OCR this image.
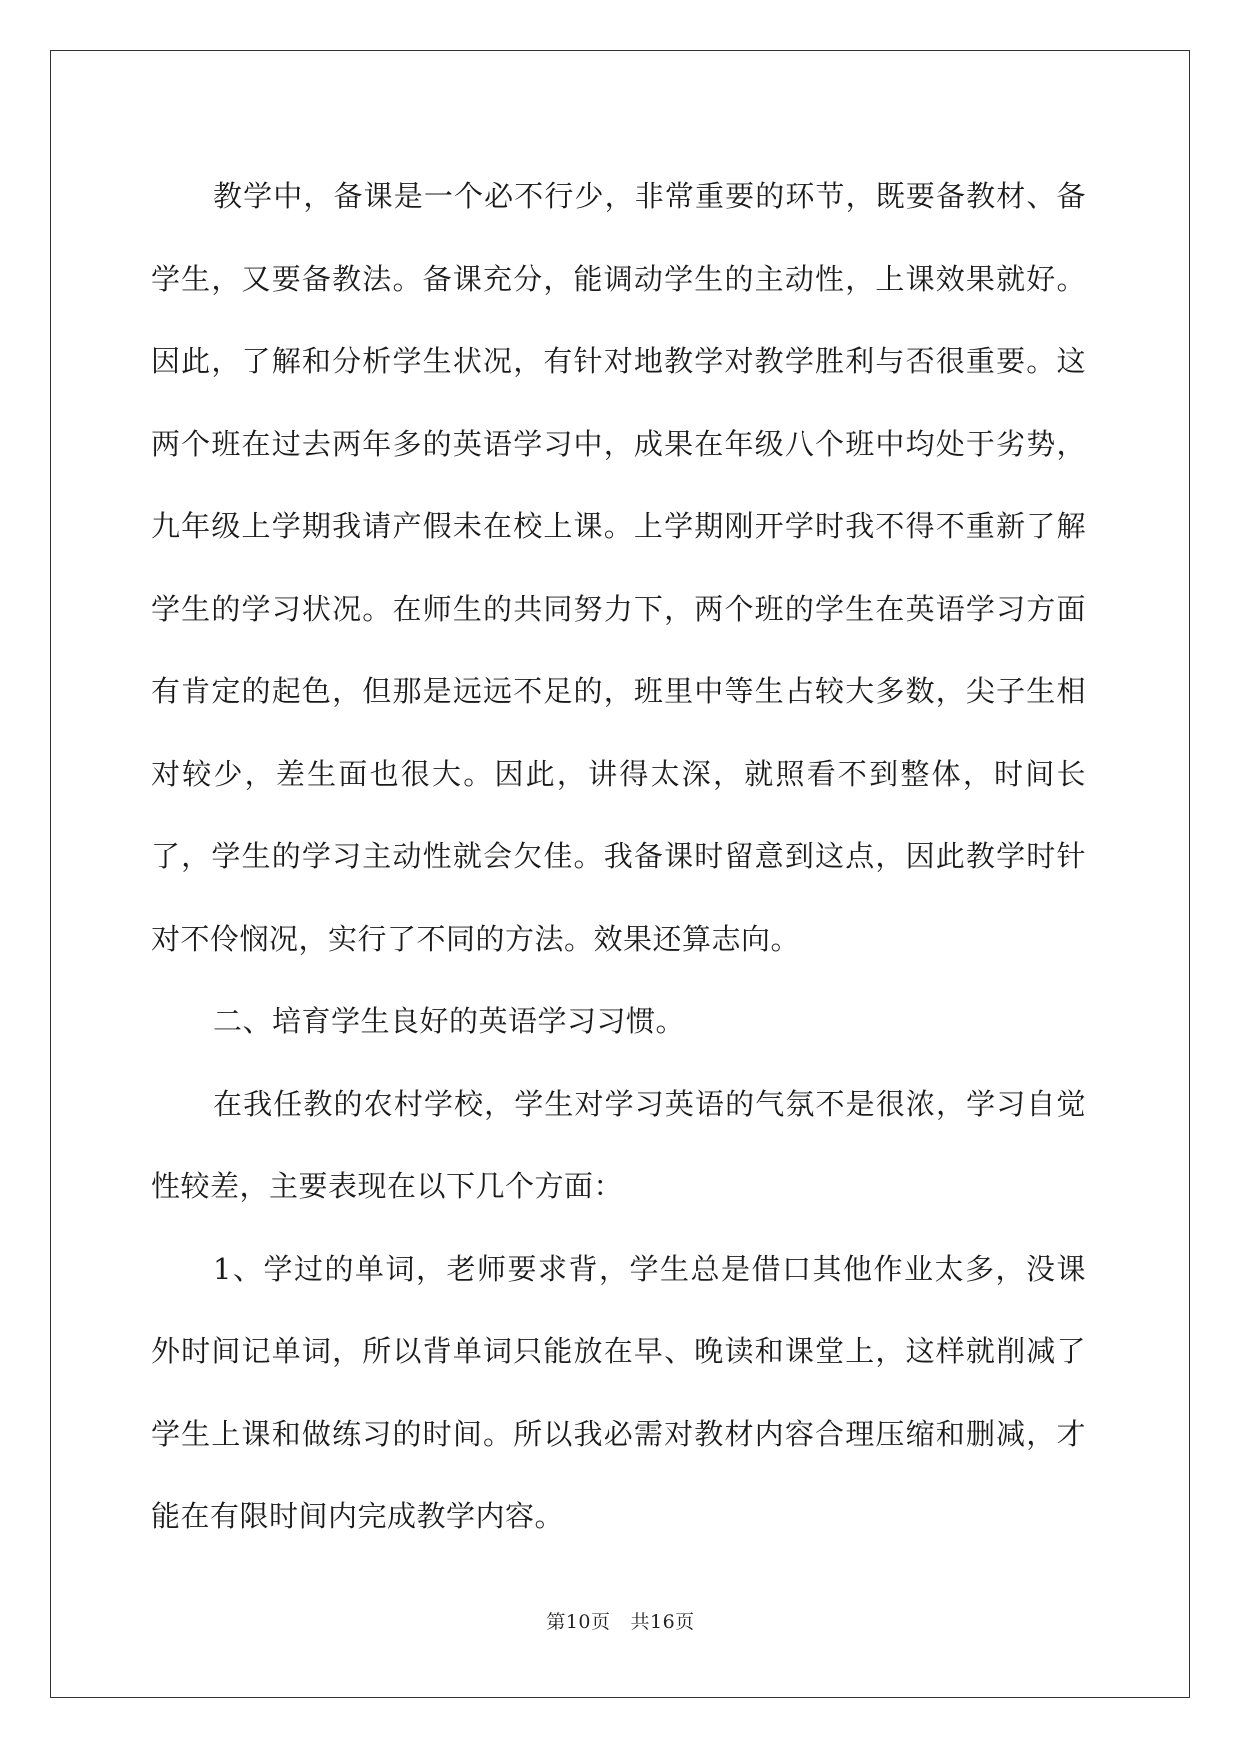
教学中，备课是一个必不行少，非常重要的环节，既要备教材、备学生，又要备教法。备课充分，能调动学生的主动性，上课效果就好。因此，了解和分析学生状况，有针对地教学对教学胜利与否很重要。这两个班在过去两年多的英语学习中，成果在年级八个班中均处于劣势，九年级上学期我请产假未在校上课。上学期刚开学时我不得不重新了解学生的学习状况。在师生的共同努力下，两个班的学生在英语学习方面有肯定的起色，但那是远远不足的，班里中等生占较大多数，尖子生相对较少，差生面也很大。因此，讲得太深，就照看不到整体，时间长了，学生的学习主动性就会欠佳。我备课时留意到这点，因此教学时针对不伶悯况，实行了不同的方法。效果还算志向。

二、培育学生良好的英语学习习惯。

在我任教的农村学校，学生对学习英语的气氛不是很浓，学习自觉性较差，主要表现在以下几个方面：

1、学过的单词，老师要求背，学生总是借口其他作业太多，没课外时间记单词，所以背单词只能放在早、晚读和课堂上，这样就削减了学生上课和做练习的时间。所以我必需对教材内容合理压缩和删减，才能在有限时间内完成教学内容。

第10页 共16页
